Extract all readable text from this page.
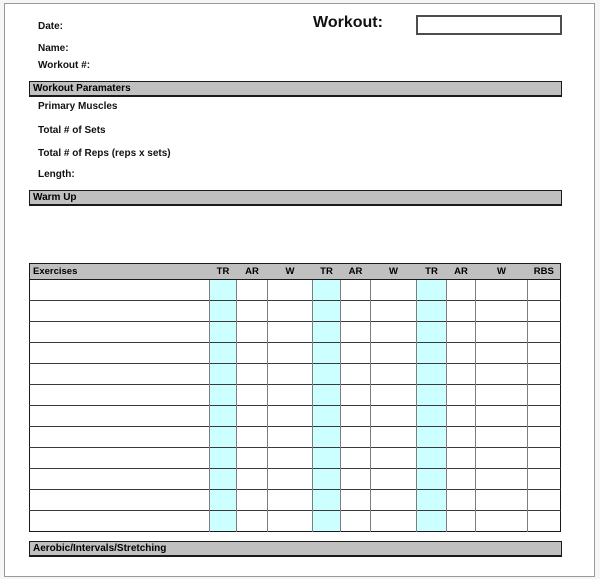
Date:	Workout:
Name:
Workout #:
Workout Paramaters
Primary Muscles
Total # of Sets
Total # of Reps (reps x sets)
Length:
Warm Up
Exercises	TR	AR	W	TR	AR	W	TR	AR	W	RBS

Aerobic/Intervals/Stretching
